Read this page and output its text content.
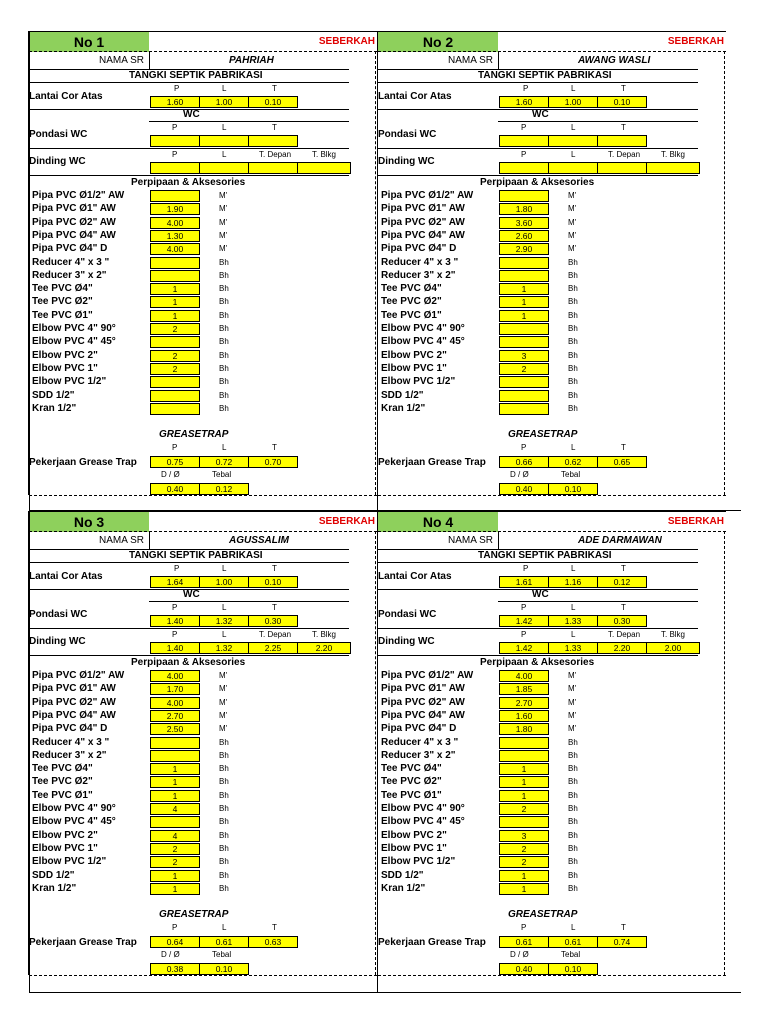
No 1	SEBERKAH
NAMA SR	PAHRIAH
TANGKI SEPTIK PABRIKASI
Lantai Cor Atas
P	L	T
1.60	1.00	0.10
WC
Pondasi WC
P	L	T
Dinding WC
P	L	T. Depan	T. Blkg
Perpipaan & Aksesories
Pipa PVC Ø1/2" AW	M'
Pipa PVC Ø1" AW	1.90	M'
Pipa PVC Ø2" AW	4.00	M'
Pipa PVC Ø4" AW	1.30	M'
Pipa PVC Ø4" D	4.00	M'
Reducer 4" x 3 "	Bh
Reducer 3" x 2"	Bh
Tee PVC Ø4"	1	Bh
Tee PVC Ø2"	1	Bh
Tee PVC Ø1"	1	Bh
Elbow PVC 4" 90°	2	Bh
Elbow PVC 4" 45°	Bh
Elbow PVC 2"	2	Bh
Elbow PVC 1"	2	Bh
Elbow PVC 1/2"	Bh
SDD 1/2"	Bh
Kran 1/2"	Bh
GREASETRAP
P	L	T
Pekerjaan Grease Trap	0.75	0.72	0.70
D / Ø	Tebal
0.40	0.12
No 2	SEBERKAH
NAMA SR	AWANG WASLI
TANGKI SEPTIK PABRIKASI
Lantai Cor Atas
P	L	T
1.60	1.00	0.10
WC
Pondasi WC
P	L	T
Dinding WC
P	L	T. Depan	T. Blkg
Perpipaan & Aksesories
Pipa PVC Ø1/2" AW	M'
Pipa PVC Ø1" AW	1.80	M'
Pipa PVC Ø2" AW	3.60	M'
Pipa PVC Ø4" AW	2.60	M'
Pipa PVC Ø4" D	2.90	M'
Reducer 4" x 3 "	Bh
Reducer 3" x 2"	Bh
Tee PVC Ø4"	1	Bh
Tee PVC Ø2"	1	Bh
Tee PVC Ø1"	1	Bh
Elbow PVC 4" 90°	Bh
Elbow PVC 4" 45°	Bh
Elbow PVC 2"	3	Bh
Elbow PVC 1"	2	Bh
Elbow PVC 1/2"	Bh
SDD 1/2"	Bh
Kran 1/2"	Bh
GREASETRAP
P	L	T
Pekerjaan Grease Trap	0.66	0.62	0.65
D / Ø	Tebal
0.40	0.10
No 3	SEBERKAH
NAMA SR	AGUSSALIM
TANGKI SEPTIK PABRIKASI
Lantai Cor Atas
P	L	T
1.64	1.00	0.10
WC
Pondasi WC
P	L	T
1.40	1.32	0.30
Dinding WC
P	L	T. Depan	T. Blkg
1.40	1.32	2.25	2.20
Perpipaan & Aksesories
Pipa PVC Ø1/2" AW	4.00	M'
Pipa PVC Ø1" AW	1.70	M'
Pipa PVC Ø2" AW	4.00	M'
Pipa PVC Ø4" AW	2.70	M'
Pipa PVC Ø4" D	2.50	M'
Reducer 4" x 3 "	Bh
Reducer 3" x 2"	Bh
Tee PVC Ø4"	1	Bh
Tee PVC Ø2"	1	Bh
Tee PVC Ø1"	1	Bh
Elbow PVC 4" 90°	4	Bh
Elbow PVC 4" 45°	Bh
Elbow PVC 2"	4	Bh
Elbow PVC 1"	2	Bh
Elbow PVC 1/2"	2	Bh
SDD 1/2"	1	Bh
Kran 1/2"	1	Bh
GREASETRAP
P	L	T
Pekerjaan Grease Trap	0.64	0.61	0.63
D / Ø	Tebal
0.38	0.10
No 4	SEBERKAH
NAMA SR	ADE DARMAWAN
TANGKI SEPTIK PABRIKASI
Lantai Cor Atas
P	L	T
1.61	1.16	0.12
WC
Pondasi WC
P	L	T
1.42	1.33	0.30
Dinding WC
P	L	T. Depan	T. Blkg
1.42	1.33	2.20	2.00
Perpipaan & Aksesories
Pipa PVC Ø1/2" AW	4.00	M'
Pipa PVC Ø1" AW	1.85	M'
Pipa PVC Ø2" AW	2.70	M'
Pipa PVC Ø4" AW	1.60	M'
Pipa PVC Ø4" D	1.80	M'
Reducer 4" x 3 "	Bh
Reducer 3" x 2"	Bh
Tee PVC Ø4"	1	Bh
Tee PVC Ø2"	1	Bh
Tee PVC Ø1"	1	Bh
Elbow PVC 4" 90°	2	Bh
Elbow PVC 4" 45°	Bh
Elbow PVC 2"	3	Bh
Elbow PVC 1"	2	Bh
Elbow PVC 1/2"	2	Bh
SDD 1/2"	1	Bh
Kran 1/2"	1	Bh
GREASETRAP
P	L	T
Pekerjaan Grease Trap	0.61	0.61	0.74
D / Ø	Tebal
0.40	0.10
